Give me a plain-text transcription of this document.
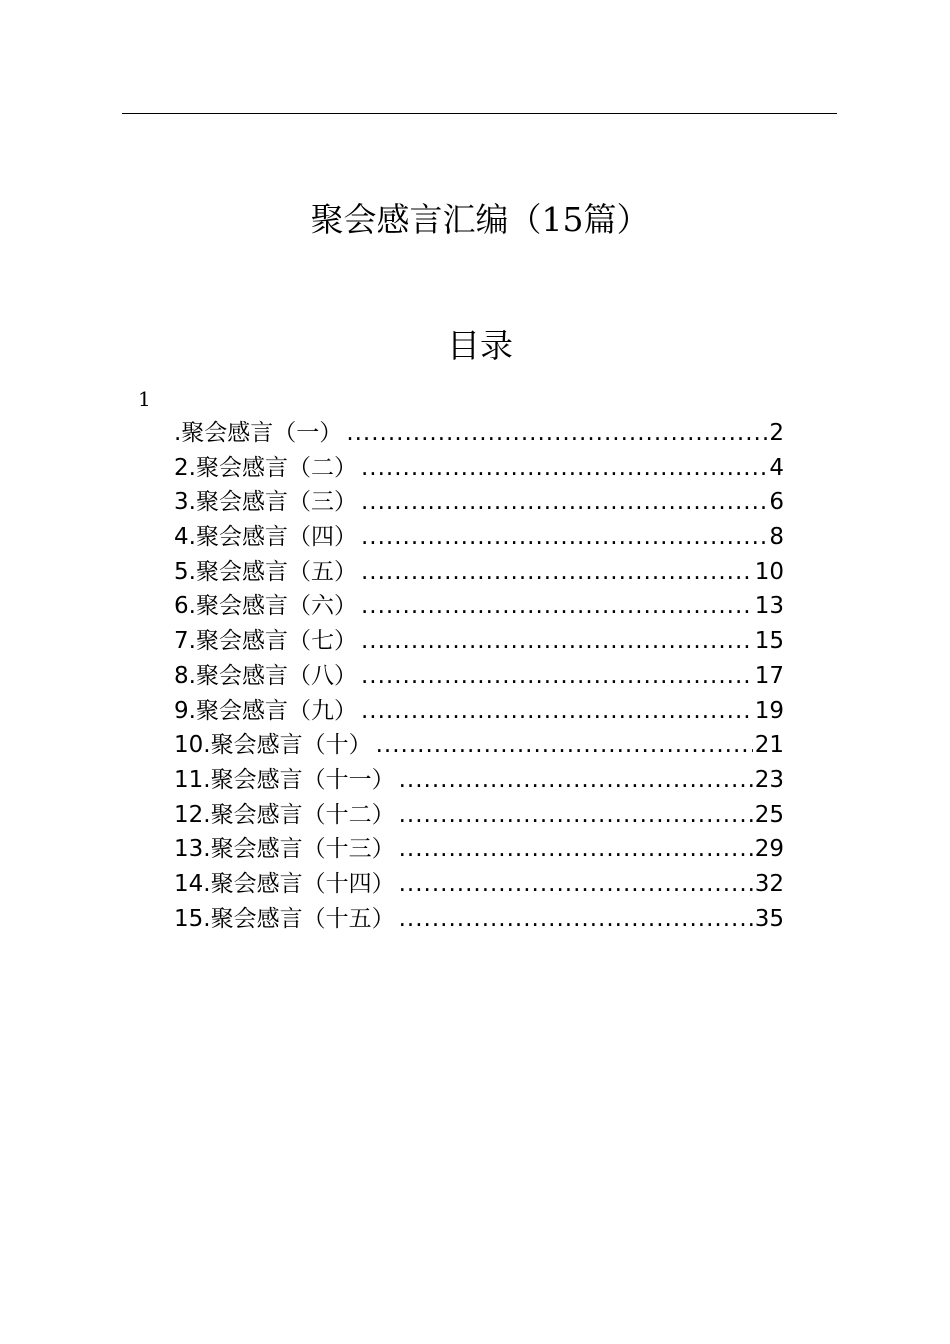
聚会感言汇编（15篇）
目录
1
.聚会感言（一） .....	2
2.聚会感言（二） .....	4
3.聚会感言（三） .....	6
4.聚会感言（四） .....	8
5.聚会感言（五） .....	10
6.聚会感言（六） .....	13
7.聚会感言（七） .....	15
8.聚会感言（八） .....	17
9.聚会感言（九） .....	19
10.聚会感言（十） .....	21
11.聚会感言（十一） .....	23
12.聚会感言（十二） .....	25
13.聚会感言（十三） .....	29
14.聚会感言（十四） .....	32
15.聚会感言（十五） .....	35
